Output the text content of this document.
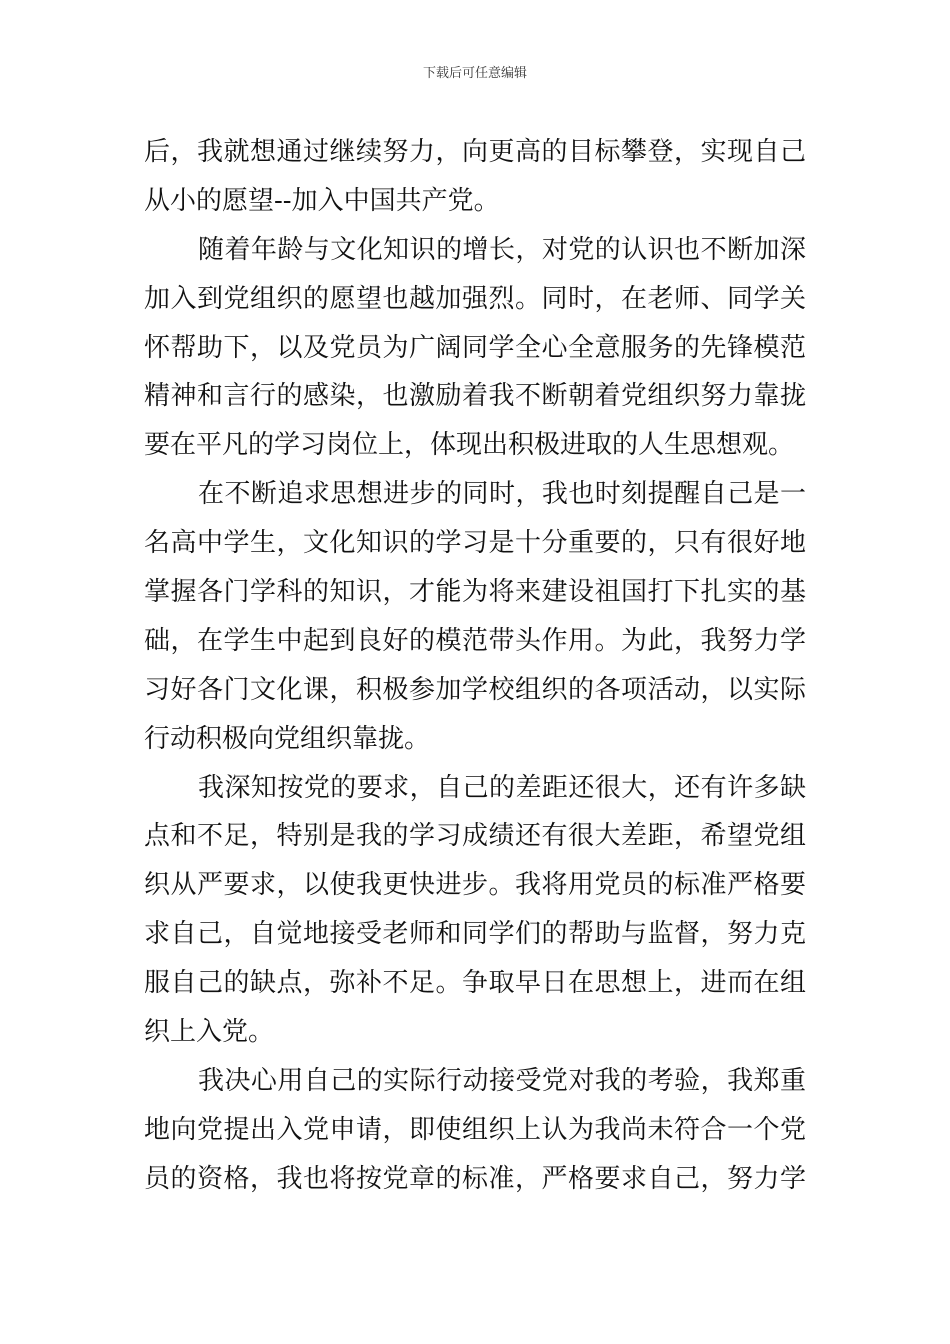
下载后可任意编辑
后，我就想通过继续努力，向更高的目标攀登，实现自己
从小的愿望--加入中国共产党。
随着年龄与文化知识的增长，对党的认识也不断加深
加入到党组织的愿望也越加强烈。同时，在老师、同学关
怀帮助下，以及党员为广阔同学全心全意服务的先锋模范
精神和言行的感染，也激励着我不断朝着党组织努力靠拢
要在平凡的学习岗位上，体现出积极进取的人生思想观。
在不断追求思想进步的同时，我也时刻提醒自己是一
名高中学生，文化知识的学习是十分重要的，只有很好地
掌握各门学科的知识，才能为将来建设祖国打下扎实的基
础，在学生中起到良好的模范带头作用。为此，我努力学
习好各门文化课，积极参加学校组织的各项活动，以实际
行动积极向党组织靠拢。
我深知按党的要求，自己的差距还很大，还有许多缺
点和不足，特别是我的学习成绩还有很大差距，希望党组
织从严要求，以使我更快进步。我将用党员的标准严格要
求自己，自觉地接受老师和同学们的帮助与监督，努力克
服自己的缺点，弥补不足。争取早日在思想上，进而在组
织上入党。
我决心用自己的实际行动接受党对我的考验，我郑重
地向党提出入党申请，即使组织上认为我尚未符合一个党
员的资格，我也将按党章的标准，严格要求自己，努力学
